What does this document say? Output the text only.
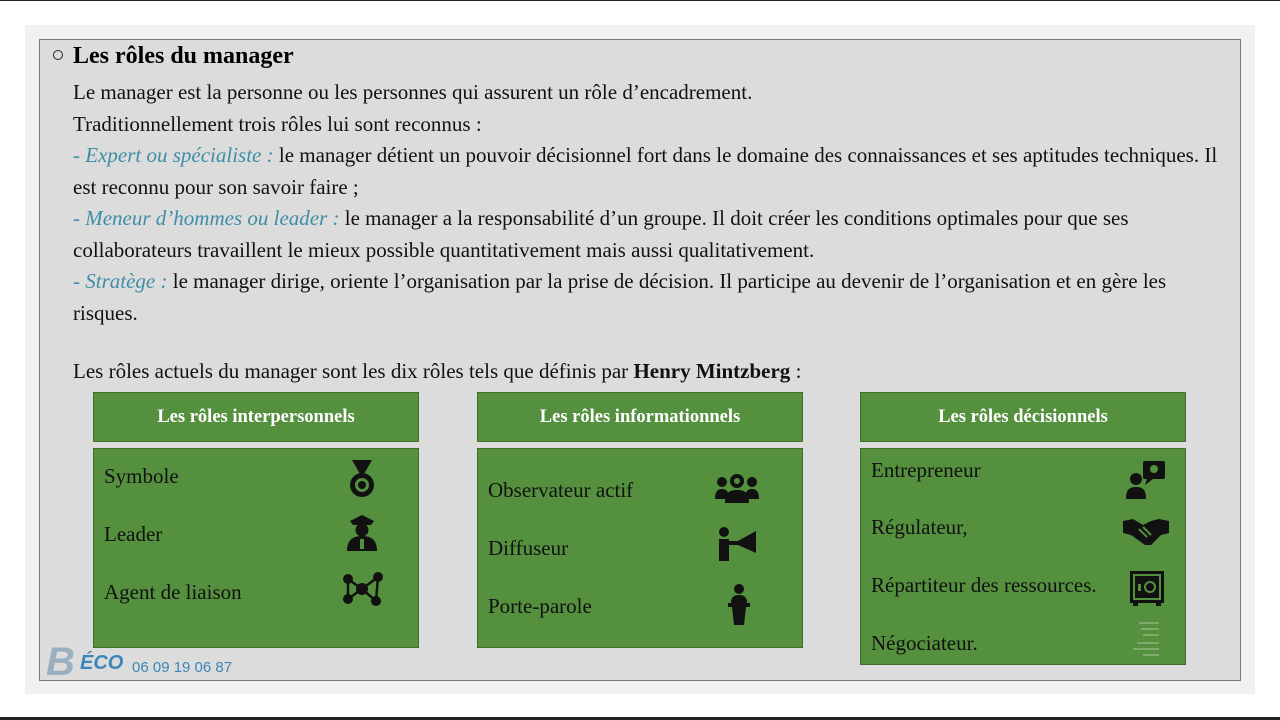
Les rôles du manager
Le manager est la personne ou les personnes qui assurent un rôle d’encadrement.
Traditionnellement trois rôles lui sont reconnus :
- Expert ou spécialiste : le manager détient un pouvoir décisionnel fort dans le domaine des connaissances et ses aptitudes techniques. Il est reconnu pour son savoir faire ;
- Meneur d’hommes ou leader : le manager a la responsabilité d’un groupe. Il doit créer les conditions optimales pour que ses collaborateurs travaillent le mieux possible quantitativement mais aussi qualitativement.
- Stratège : le manager dirige, oriente l’organisation par la prise de décision. Il participe au devenir de l’organisation et en gère les risques.
Les rôles actuels du manager sont les dix rôles tels que définis par Henry Mintzberg :
Les rôles interpersonnels
Symbole
Leader
Agent de liaison
Les rôles informationnels
Observateur actif
Diffuseur
Porte-parole
Les rôles décisionnels
Entrepreneur
Régulateur,
Répartiteur des ressources.
Négociateur.
B ÉCO 06 09 19 06 87
